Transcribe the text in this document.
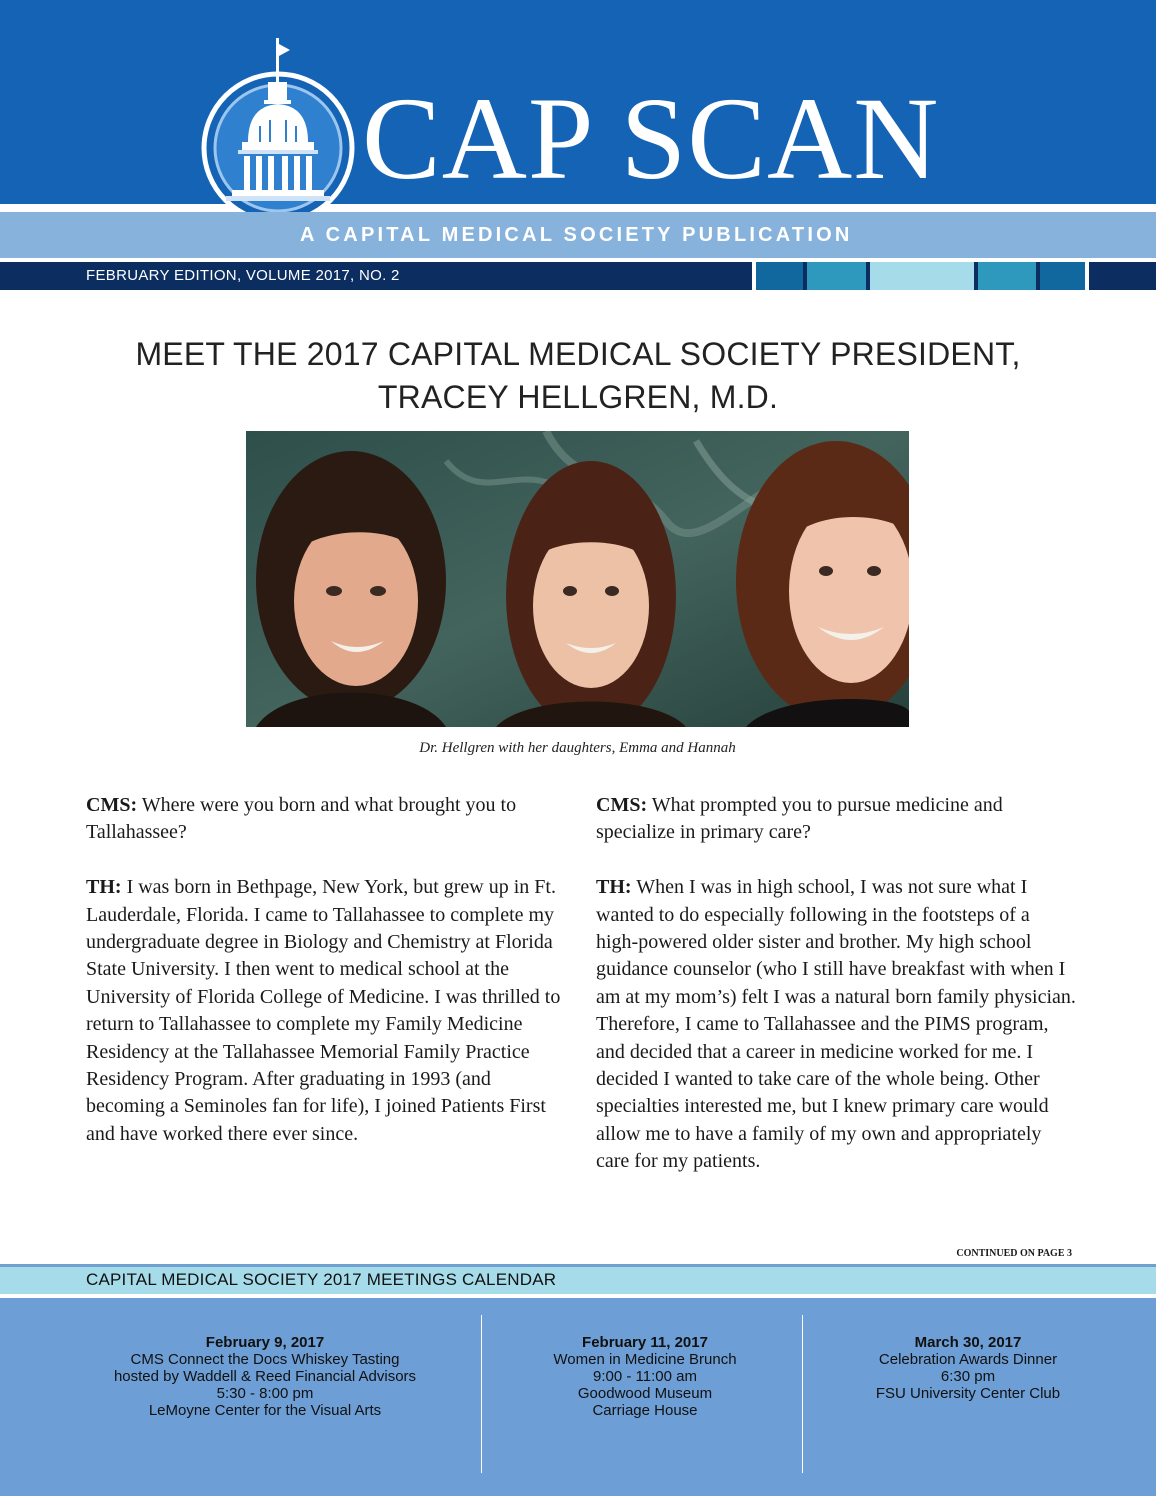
CAP SCAN
A CAPITAL MEDICAL SOCIETY PUBLICATION
FEBRUARY EDITION, VOLUME 2017, NO. 2
MEET THE 2017 CAPITAL MEDICAL SOCIETY PRESIDENT,
TRACEY HELLGREN, M.D.
Dr. Hellgren with her daughters, Emma and Hannah

CMS: Where were you born and what brought you to Tallahassee?

TH: I was born in Bethpage, New York, but grew up in Ft. Lauderdale, Florida. I came to Tallahassee to complete my undergraduate degree in Biology and Chemistry at Florida State University. I then went to medical school at the University of Florida College of Medicine. I was thrilled to return to Tallahassee to complete my Family Medicine Residency at the Tallahassee Memorial Family Practice Residency Program. After graduating in 1993 (and becoming a Seminoles fan for life), I joined Patients First and have worked there ever since.

CMS: What prompted you to pursue medicine and specialize in primary care?

TH: When I was in high school, I was not sure what I wanted to do especially following in the footsteps of a high-powered older sister and brother. My high school guidance counselor (who I still have breakfast with when I am at my mom’s) felt I was a natural born family physician. Therefore, I came to Tallahassee and the PIMS program, and decided that a career in medicine worked for me. I decided I wanted to take care of the whole being. Other specialties interested me, but I knew primary care would allow me to have a family of my own and appropriately care for my patients.

CONTINUED ON PAGE 3
CAPITAL MEDICAL SOCIETY 2017 MEETINGS CALENDAR
February 9, 2017
CMS Connect the Docs Whiskey Tasting
hosted by Waddell & Reed Financial Advisors
5:30 - 8:00 pm
LeMoyne Center for the Visual Arts
February 11, 2017
Women in Medicine Brunch
9:00 - 11:00 am
Goodwood Museum
Carriage House
March 30, 2017
Celebration Awards Dinner
6:30 pm
FSU University Center Club
